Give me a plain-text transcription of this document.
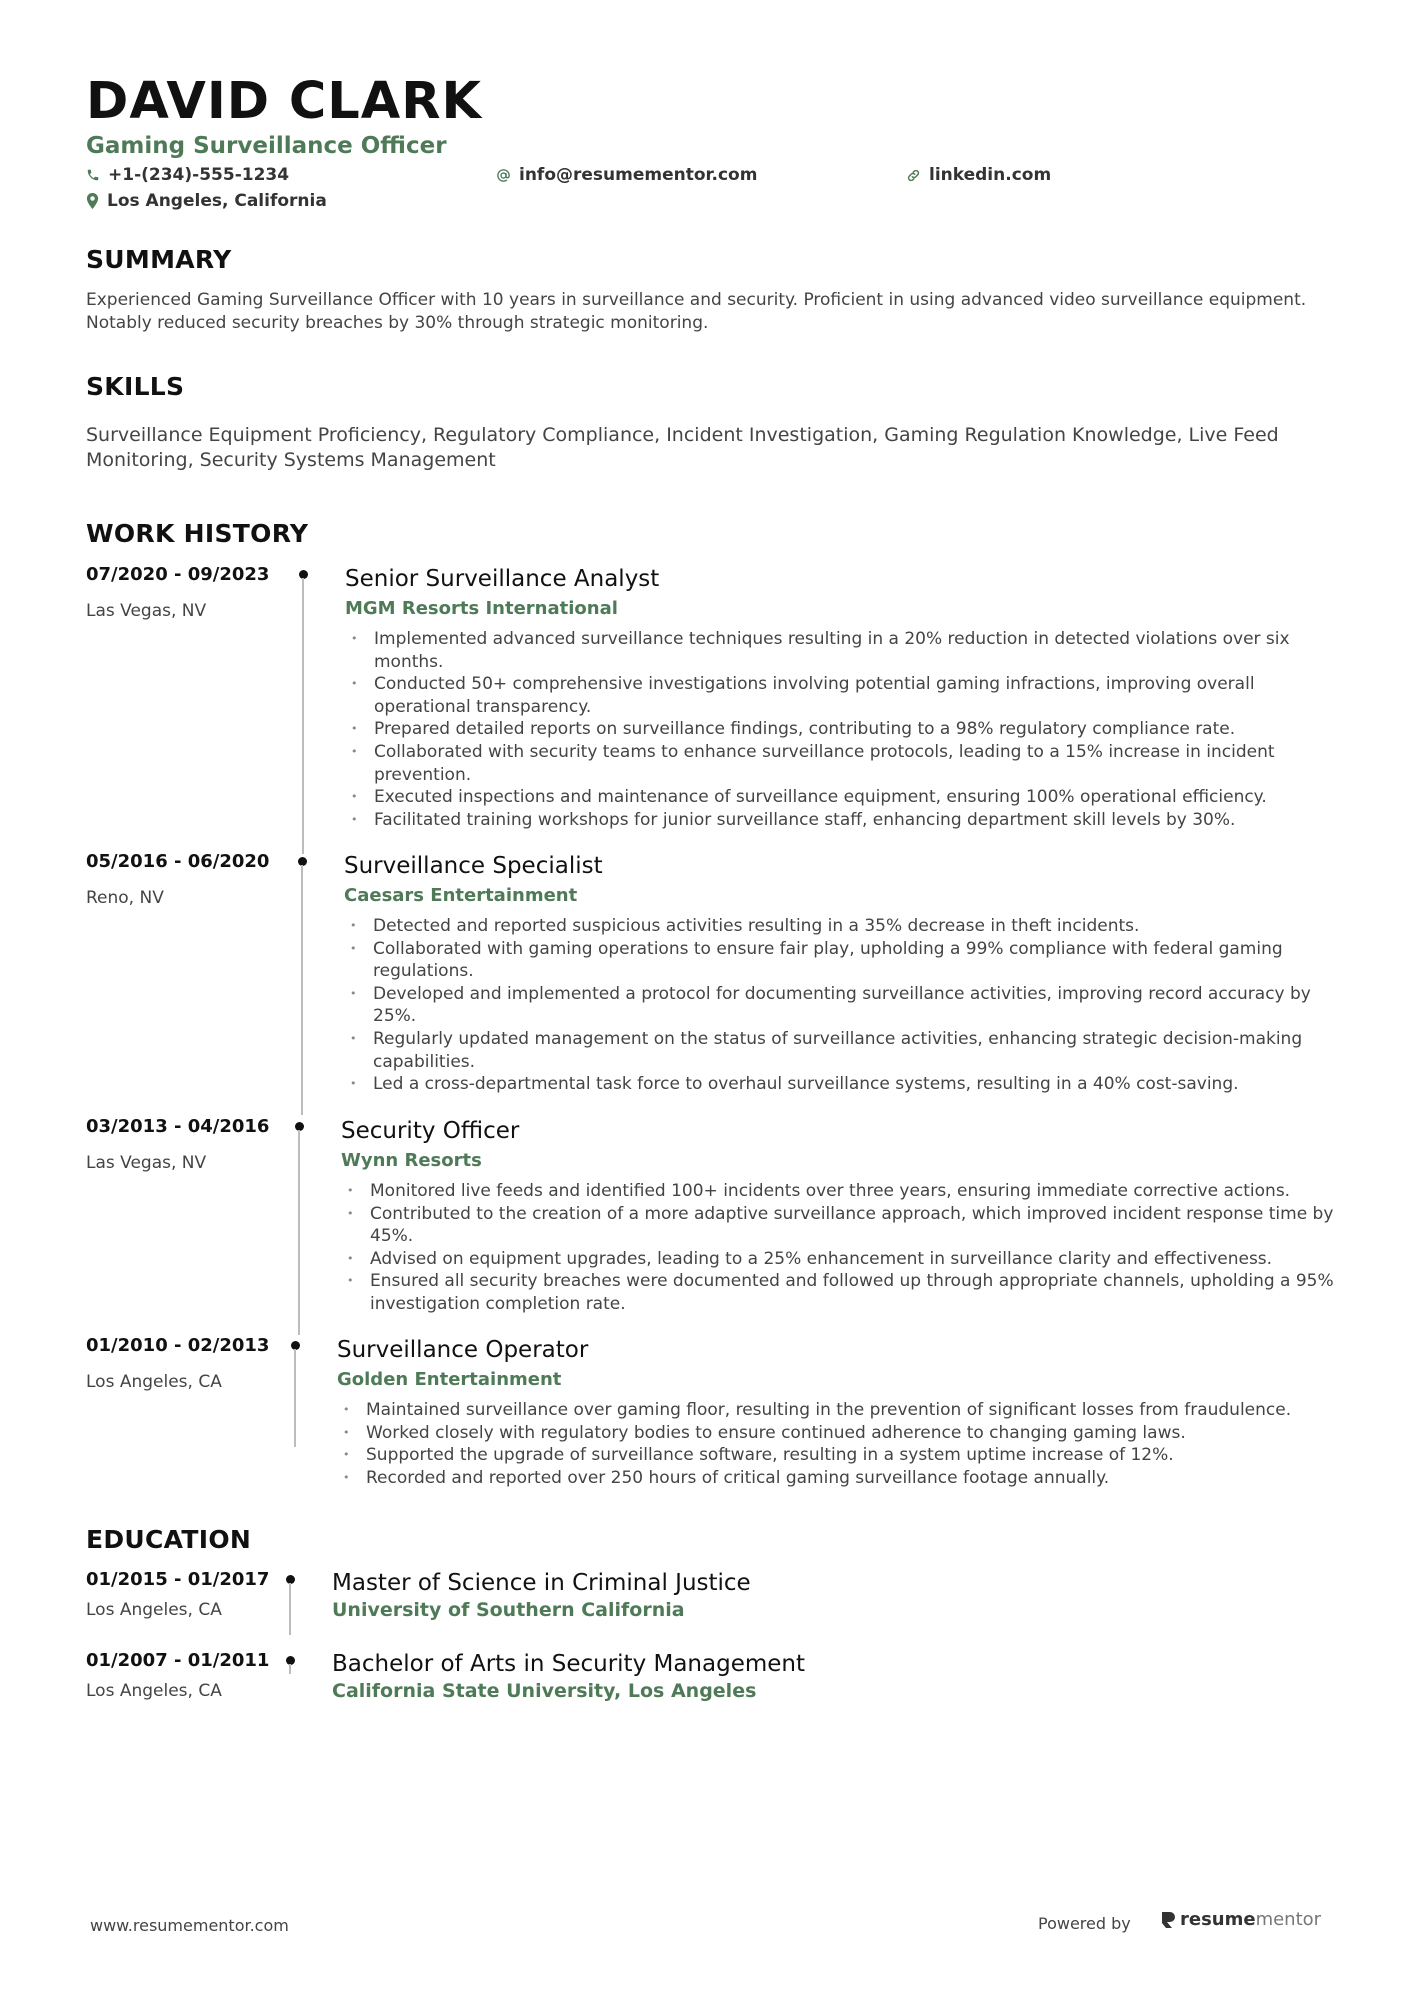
DAVID CLARK
Gaming Surveillance Officer
+1-(234)-555-1234	info@resumementor.com	linkedin.com
Los Angeles, California
SUMMARY
Experienced Gaming Surveillance Officer with 10 years in surveillance and security. Proficient in using advanced video surveillance equipment. Notably reduced security breaches by 30% through strategic monitoring.
SKILLS
Surveillance Equipment Proficiency, Regulatory Compliance, Incident Investigation, Gaming Regulation Knowledge, Live Feed Monitoring, Security Systems Management
WORK HISTORY
07/2020 - 09/2023
Las Vegas, NV
Senior Surveillance Analyst
MGM Resorts International
• Implemented advanced surveillance techniques resulting in a 20% reduction in detected violations over six months.
• Conducted 50+ comprehensive investigations involving potential gaming infractions, improving overall operational transparency.
• Prepared detailed reports on surveillance findings, contributing to a 98% regulatory compliance rate.
• Collaborated with security teams to enhance surveillance protocols, leading to a 15% increase in incident prevention.
• Executed inspections and maintenance of surveillance equipment, ensuring 100% operational efficiency.
• Facilitated training workshops for junior surveillance staff, enhancing department skill levels by 30%.
05/2016 - 06/2020
Reno, NV
Surveillance Specialist
Caesars Entertainment
• Detected and reported suspicious activities resulting in a 35% decrease in theft incidents.
• Collaborated with gaming operations to ensure fair play, upholding a 99% compliance with federal gaming regulations.
• Developed and implemented a protocol for documenting surveillance activities, improving record accuracy by 25%.
• Regularly updated management on the status of surveillance activities, enhancing strategic decision-making capabilities.
• Led a cross-departmental task force to overhaul surveillance systems, resulting in a 40% cost-saving.
03/2013 - 04/2016
Las Vegas, NV
Security Officer
Wynn Resorts
• Monitored live feeds and identified 100+ incidents over three years, ensuring immediate corrective actions.
• Contributed to the creation of a more adaptive surveillance approach, which improved incident response time by 45%.
• Advised on equipment upgrades, leading to a 25% enhancement in surveillance clarity and effectiveness.
• Ensured all security breaches were documented and followed up through appropriate channels, upholding a 95% investigation completion rate.
01/2010 - 02/2013
Los Angeles, CA
Surveillance Operator
Golden Entertainment
• Maintained surveillance over gaming floor, resulting in the prevention of significant losses from fraudulence.
• Worked closely with regulatory bodies to ensure continued adherence to changing gaming laws.
• Supported the upgrade of surveillance software, resulting in a system uptime increase of 12%.
• Recorded and reported over 250 hours of critical gaming surveillance footage annually.
EDUCATION
01/2015 - 01/2017
Los Angeles, CA
Master of Science in Criminal Justice
University of Southern California
01/2007 - 01/2011
Los Angeles, CA
Bachelor of Arts in Security Management
California State University, Los Angeles
www.resumementor.com	Powered by	resume mentor
